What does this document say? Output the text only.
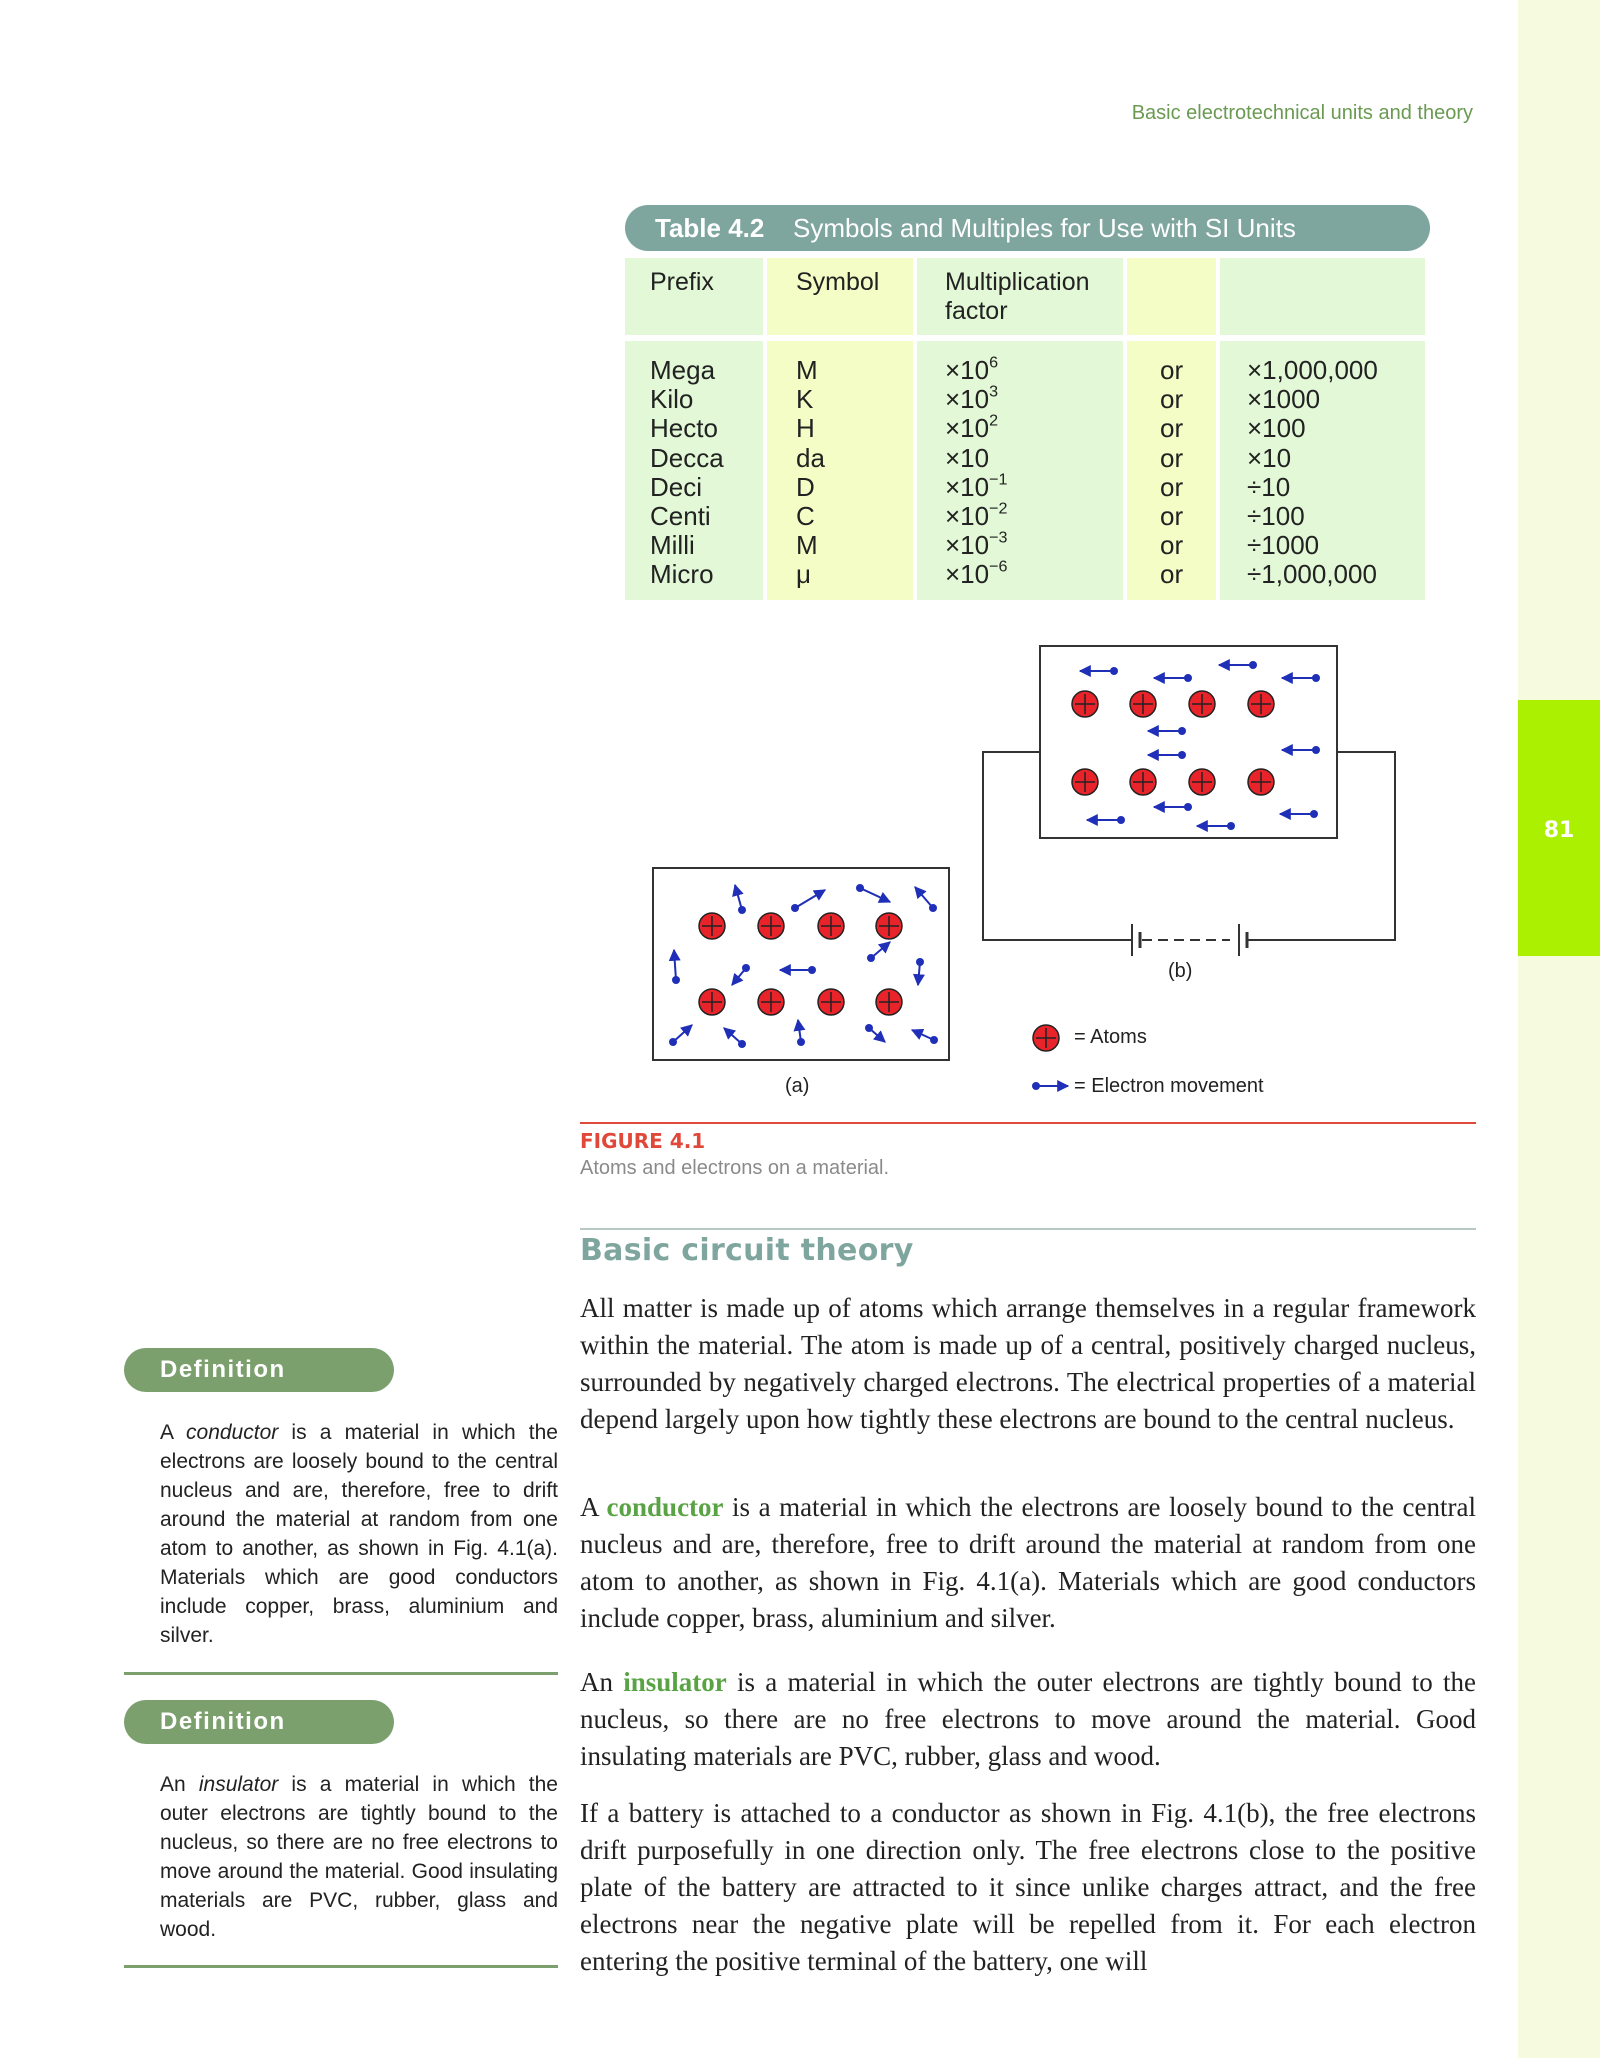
81
Basic electrotechnical units and theory
Table 4.2 Symbols and Multiples for Use with SI Units
Prefix	Symbol	Multiplication
factor
Mega	M	$\times 10^6$	or ×1,000,000
Kilo	K	$\times 10^3$	or ×1000
Hecto	H	$\times 10^2$	or ×100
Decca	da	×10	or ×10
Deci	D	$\times 10^{-1}$	or ÷10
Centi	C	$\times 10^{-2}$	or ÷100
Milli	M	$\times 10^{-3}$	or ÷1000
Micro	μ	$\times 10^{-6}$	or ÷1,000,000
(b)
(a)
= Atoms
= Electron movement
FIGURE 4.1
Atoms and electrons on a material.
Basic circuit theory
All matter is made up of atoms which arrange themselves in a regular framework within the material. The atom is made up of a central, positively charged nucleus, surrounded by negatively charged electrons. The electrical properties of a material depend largely upon how tightly these electrons are bound to the central nucleus.
A conductor is a material in which the electrons are loosely bound to the central nucleus and are, therefore, free to drift around the material at random from one atom to another, as shown in Fig. 4.1(a). Materials which are good conductors include copper, brass, aluminium and silver.
An insulator is a material in which the outer electrons are tightly bound to the nucleus, so there are no free electrons to move around the material. Good insulating materials are PVC, rubber, glass and wood.
If a battery is attached to a conductor as shown in Fig. 4.1(b), the free electrons drift purposefully in one direction only. The free electrons close to the positive plate of the battery are attracted to it since unlike charges attract, and the free electrons near the negative plate will be repelled from it. For each electron entering the positive terminal of the battery, one will
Definition
A conductor is a material in which the electrons are loosely bound to the central nucleus and are, therefore, free to drift around the material at random from one atom to another, as shown in Fig. 4.1(a). Materials which are good conductors include copper, brass, aluminium and silver.
Definition
An insulator is a material in which the outer electrons are tightly bound to the nucleus, so there are no free electrons to move around the material. Good insulating materials are PVC, rubber, glass and wood.
